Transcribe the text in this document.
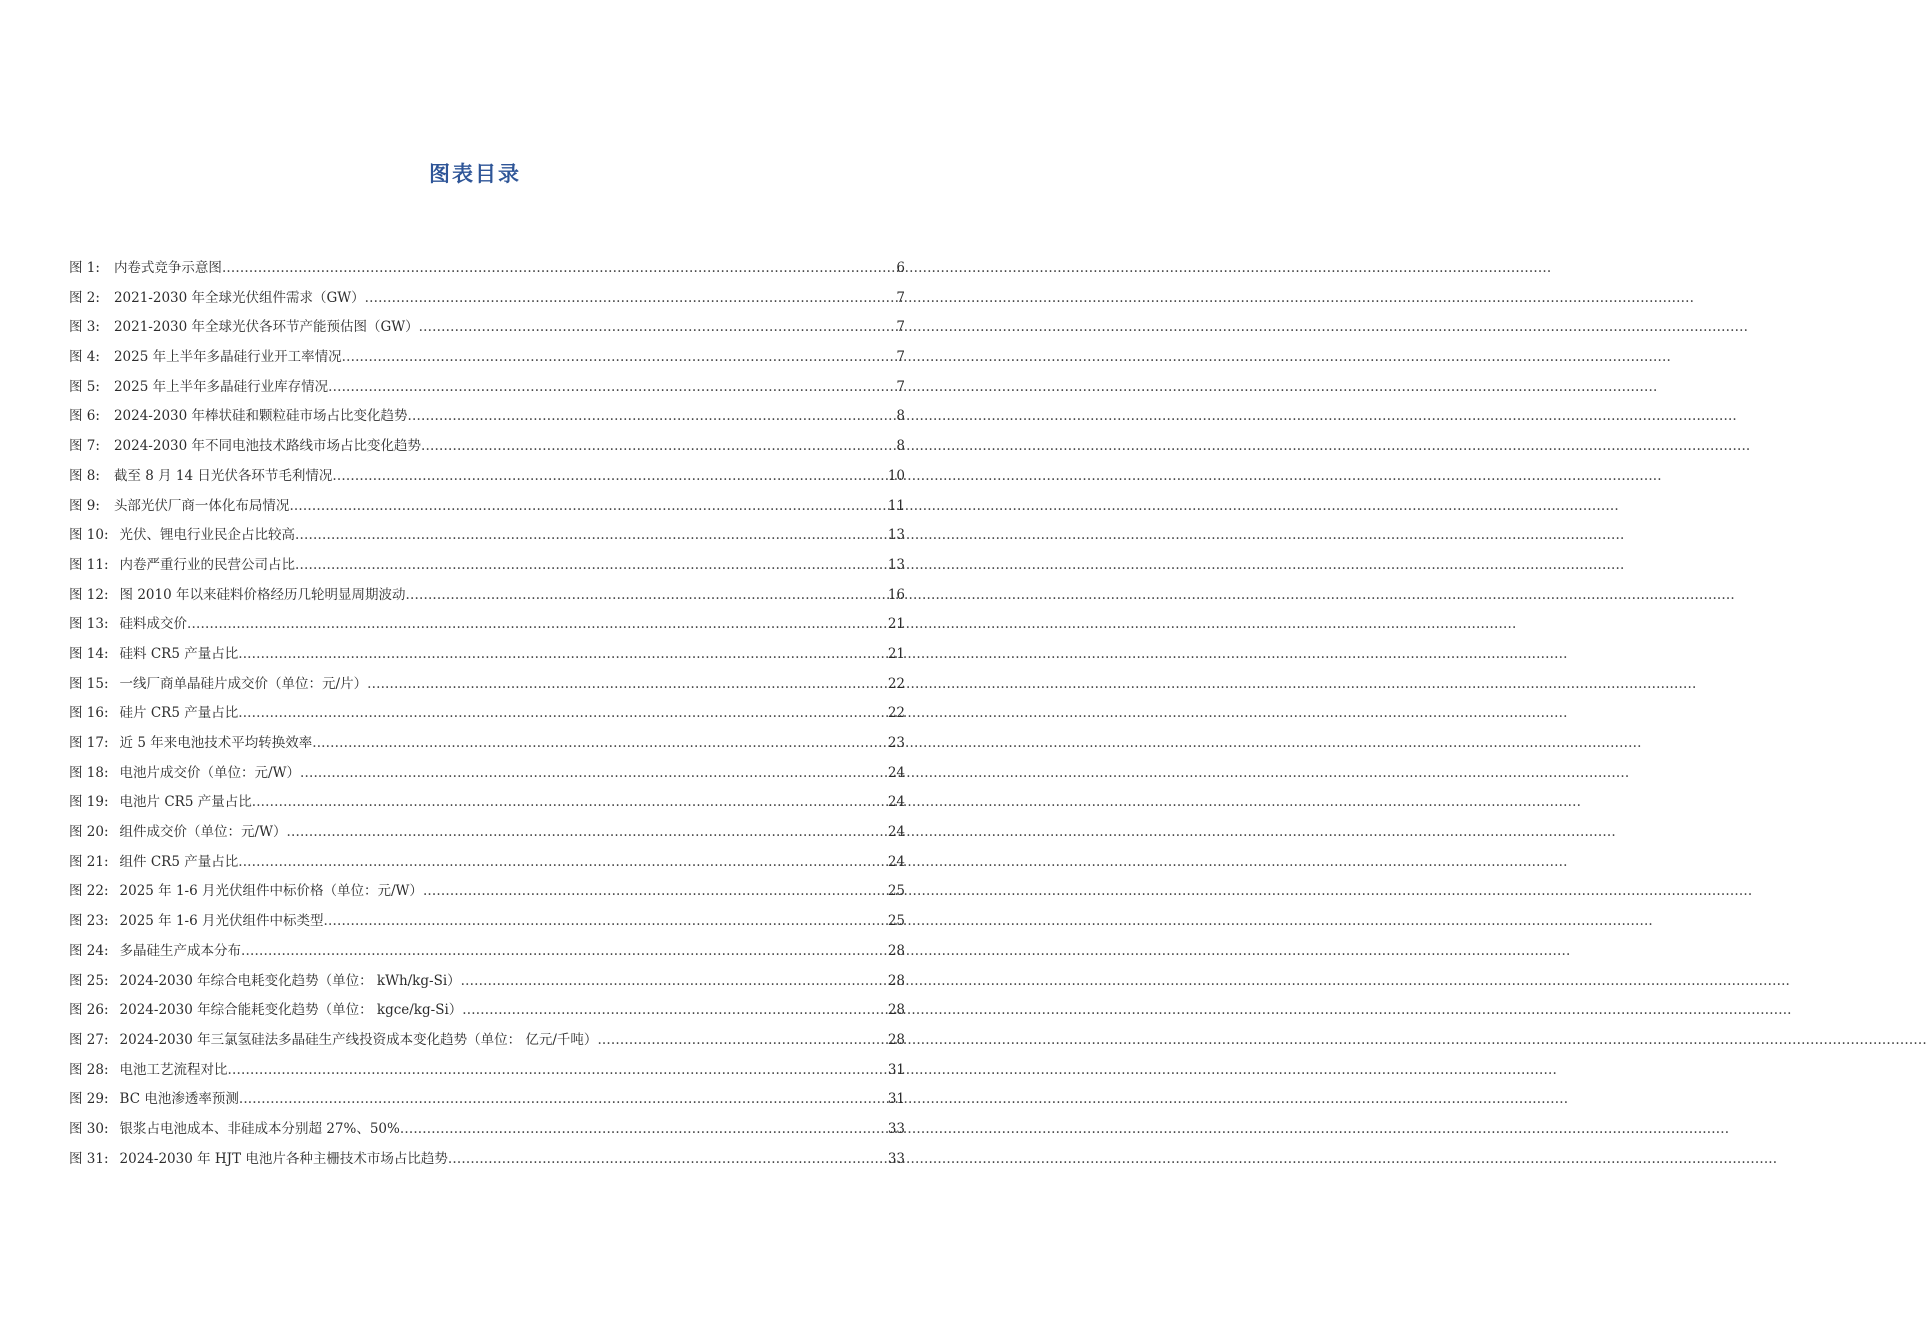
图表目录
图 1: 内卷式竞争示意图 .....	6
图 2: 2021-2030 年全球光伏组件需求（GW） .....	7
图 3: 2021-2030 年全球光伏各环节产能预估图（GW） .....	7
图 4: 2025 年上半年多晶硅行业开工率情况 .....	7
图 5: 2025 年上半年多晶硅行业库存情况 .....	7
图 6: 2024-2030 年棒状硅和颗粒硅市场占比变化趋势 .....	8
图 7: 2024-2030 年不同电池技术路线市场占比变化趋势 .....	8
图 8: 截至 8 月 14 日光伏各环节毛利情况 .....	10
图 9: 头部光伏厂商一体化布局情况 .....	11
图 10: 光伏、锂电行业民企占比较高 .....	13
图 11: 内卷严重行业的民营公司占比 .....	13
图 12: 图 2010 年以来硅料价格经历几轮明显周期波动 .....	16
图 13: 硅料成交价 .....	21
图 14: 硅料 CR5 产量占比 .....	21
图 15: 一线厂商单晶硅片成交价（单位：元/片） .....	22
图 16: 硅片 CR5 产量占比 .....	22
图 17: 近 5 年来电池技术平均转换效率 .....	23
图 18: 电池片成交价（单位：元/W） .....	24
图 19: 电池片 CR5 产量占比 .....	24
图 20: 组件成交价（单位：元/W） .....	24
图 21: 组件 CR5 产量占比 .....	24
图 22: 2025 年 1-6 月光伏组件中标价格（单位：元/W） .....	25
图 23: 2025 年 1-6 月光伏组件中标类型 .....	25
图 24: 多晶硅生产成本分布 .....	28
图 25: 2024-2030 年综合电耗变化趋势（单位： kWh/kg-Si） .....	28
图 26: 2024-2030 年综合能耗变化趋势（单位： kgce/kg-Si） .....	28
图 27: 2024-2030 年三氯氢硅法多晶硅生产线投资成本变化趋势（单位： 亿元/千吨） .....	28
图 28: 电池工艺流程对比 .....	31
图 29: BC 电池渗透率预测 .....	31
图 30: 银浆占电池成本、非硅成本分别超 27%、50% .....	33
图 31: 2024-2030 年 HJT 电池片各种主栅技术市场占比趋势 .....	33
